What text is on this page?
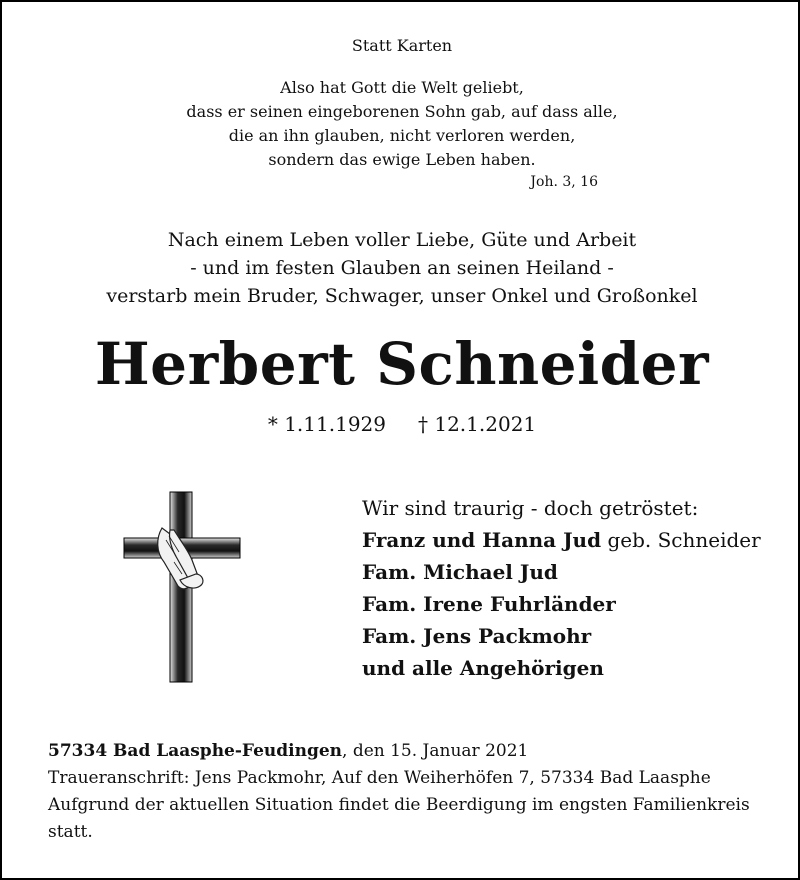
Statt Karten
Also hat Gott die Welt geliebt,
dass er seinen eingeborenen Sohn gab, auf dass alle,
die an ihn glauben, nicht verloren werden,
sondern das ewige Leben haben.
Joh. 3, 16
Nach einem Leben voller Liebe, Güte und Arbeit
- und im festen Glauben an seinen Heiland -
verstarb mein Bruder, Schwager, unser Onkel und Großonkel
Herbert Schneider
* 1.11.1929 † 12.1.2021
Wir sind traurig - doch getröstet:
Franz und Hanna Jud geb. Schneider
Fam. Michael Jud
Fam. Irene Fuhrländer
Fam. Jens Packmohr
und alle Angehörigen
57334 Bad Laasphe-Feudingen, den 15. Januar 2021
Traueranschrift: Jens Packmohr, Auf den Weiherhöfen 7, 57334 Bad Laasphe
Aufgrund der aktuellen Situation findet die Beerdigung im engsten Familienkreis statt.
